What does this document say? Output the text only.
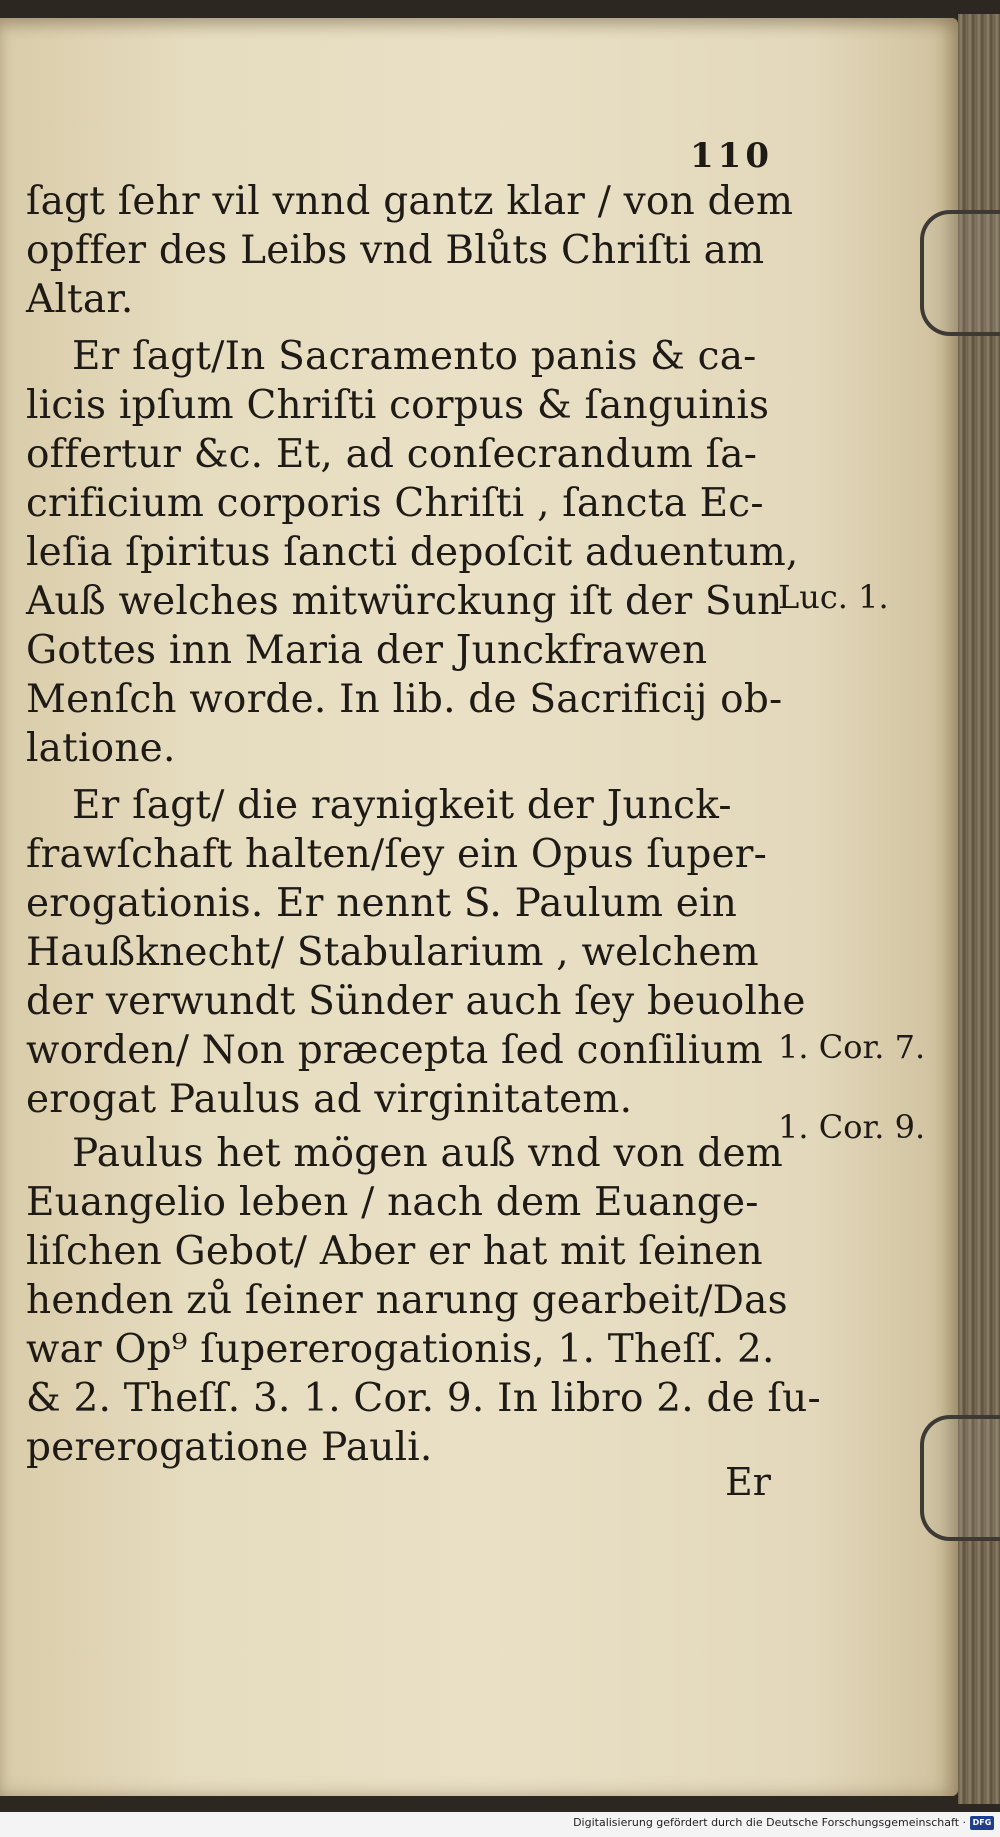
110
ſagt ſehr vil vnnd gantz klar / von dem
opffer des Leibs vnd Blůts Chriſti am
Altar.
Er ſagt/In Sacramento panis & ca-
licis ipſum Chriſti corpus & ſanguinis
offertur &c. Et, ad conſecrandum ſa-
crificium corporis Chriſti , ſancta Ec-
leſia ſpiritus ſancti depoſcit aduentum,
Auß welches mitwürckung iſt der Sun
Gottes inn Maria der Junckfrawen
Menſch worde. In lib. de Sacrificij ob-
latione.
Er ſagt/ die raynigkeit der Junck-
frawſchaft halten/ſey ein Opus ſuper-
erogationis. Er nennt S. Paulum ein
Haußknecht/ Stabularium , welchem
der verwundt Sünder auch ſey beuolhe
worden/ Non præcepta ſed conſilium
erogat Paulus ad virginitatem.
Paulus het mögen auß vnd von dem
Euangelio leben / nach dem Euange-
liſchen Gebot/ Aber er hat mit ſeinen
henden zů ſeiner narung gearbeit/Das
war Op⁹ ſupererogationis, 1. Theſſ. 2.
& 2. Theſſ. 3. 1. Cor. 9. In libro 2. de ſu-
pererogatione Pauli.
Luc. 1.
1. Cor. 7.
1. Cor. 9.
Er
Digitalisierung gefördert durch die Deutsche Forschungsgemeinschaft · DFG
